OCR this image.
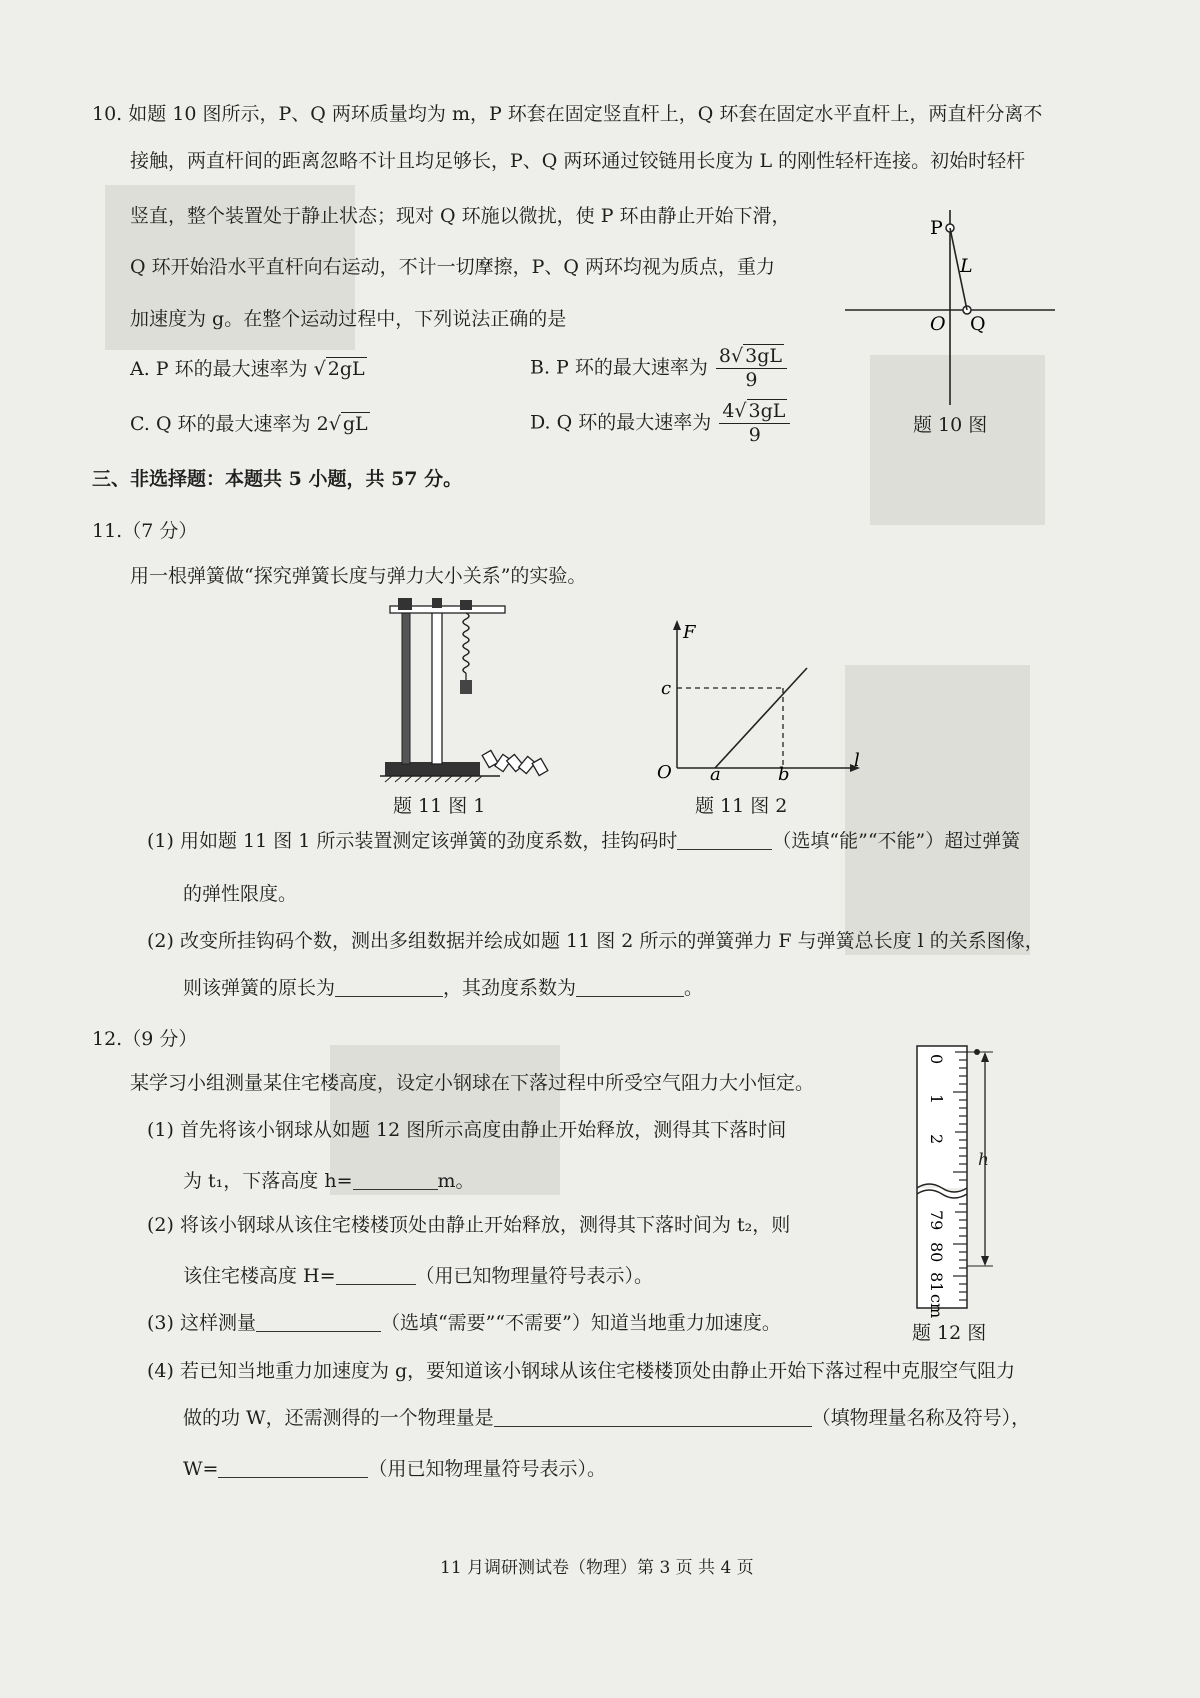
10. 如题 10 图所示，P、Q 两环质量均为 m，P 环套在固定竖直杆上，Q 环套在固定水平直杆上，两直杆分离不
接触，两直杆间的距离忽略不计且均足够长，P、Q 两环通过铰链用长度为 L 的刚性轻杆连接。初始时轻杆
竖直，整个装置处于静止状态；现对 Q 环施以微扰，使 P 环由静止开始下滑，
Q 环开始沿水平直杆向右运动，不计一切摩擦，P、Q 两环均视为质点，重力
加速度为 g。在整个运动过程中，下列说法正确的是
A. P 环的最大速率为 √ 2gL	B. P 环的最大速率为 $\frac{8√ 3gL}{9}$
C. Q 环的最大速率为 2√ gL	D. Q 环的最大速率为 $\frac{4√ 3gL}{9}$
P
L
O Q
题 10 图
三、非选择题：本题共 5 小题，共 57 分。
11.（7 分）
用一根弹簧做“探究弹簧长度与弹力大小关系”的实验。
题 11 图 1
F
c
O a	b
l
题 11 图 2
(1) 用如题 11 图 1 所示装置测定该弹簧的劲度系数，挂钩码时	（选填“能”“不能”）超过弹簧
的弹性限度。
(2) 改变所挂钩码个数，测出多组数据并绘成如题 11 图 2 所示的弹簧弹力 F 与弹簧总长度 l 的关系图像，
则该弹簧的原长为	，其劲度系数为	。
12.（9 分）
某学习小组测量某住宅楼高度，设定小钢球在下落过程中所受空气阻力大小恒定。
(1) 首先将该小钢球从如题 12 图所示高度由静止开始释放，测得其下落时间
为 t₁，下落高度 h=	m。
(2) 将该小钢球从该住宅楼楼顶处由静止开始释放，测得其下落时间为 t₂，则
该住宅楼高度 H=	（用已知物理量符号表示）。
(3) 这样测量	（选填“需要”“不需要”）知道当地重力加速度。
(4) 若已知当地重力加速度为 g，要知道该小钢球从该住宅楼楼顶处由静止开始下落过程中克服空气阻力
做的功 W，还需测得的一个物理量是	（填物理量名称及符号），
W=	（用已知物理量符号表示）。
0
1
2
79
80
81
cm
h
题 12 图
11 月调研测试卷（物理）第 3 页 共 4 页
